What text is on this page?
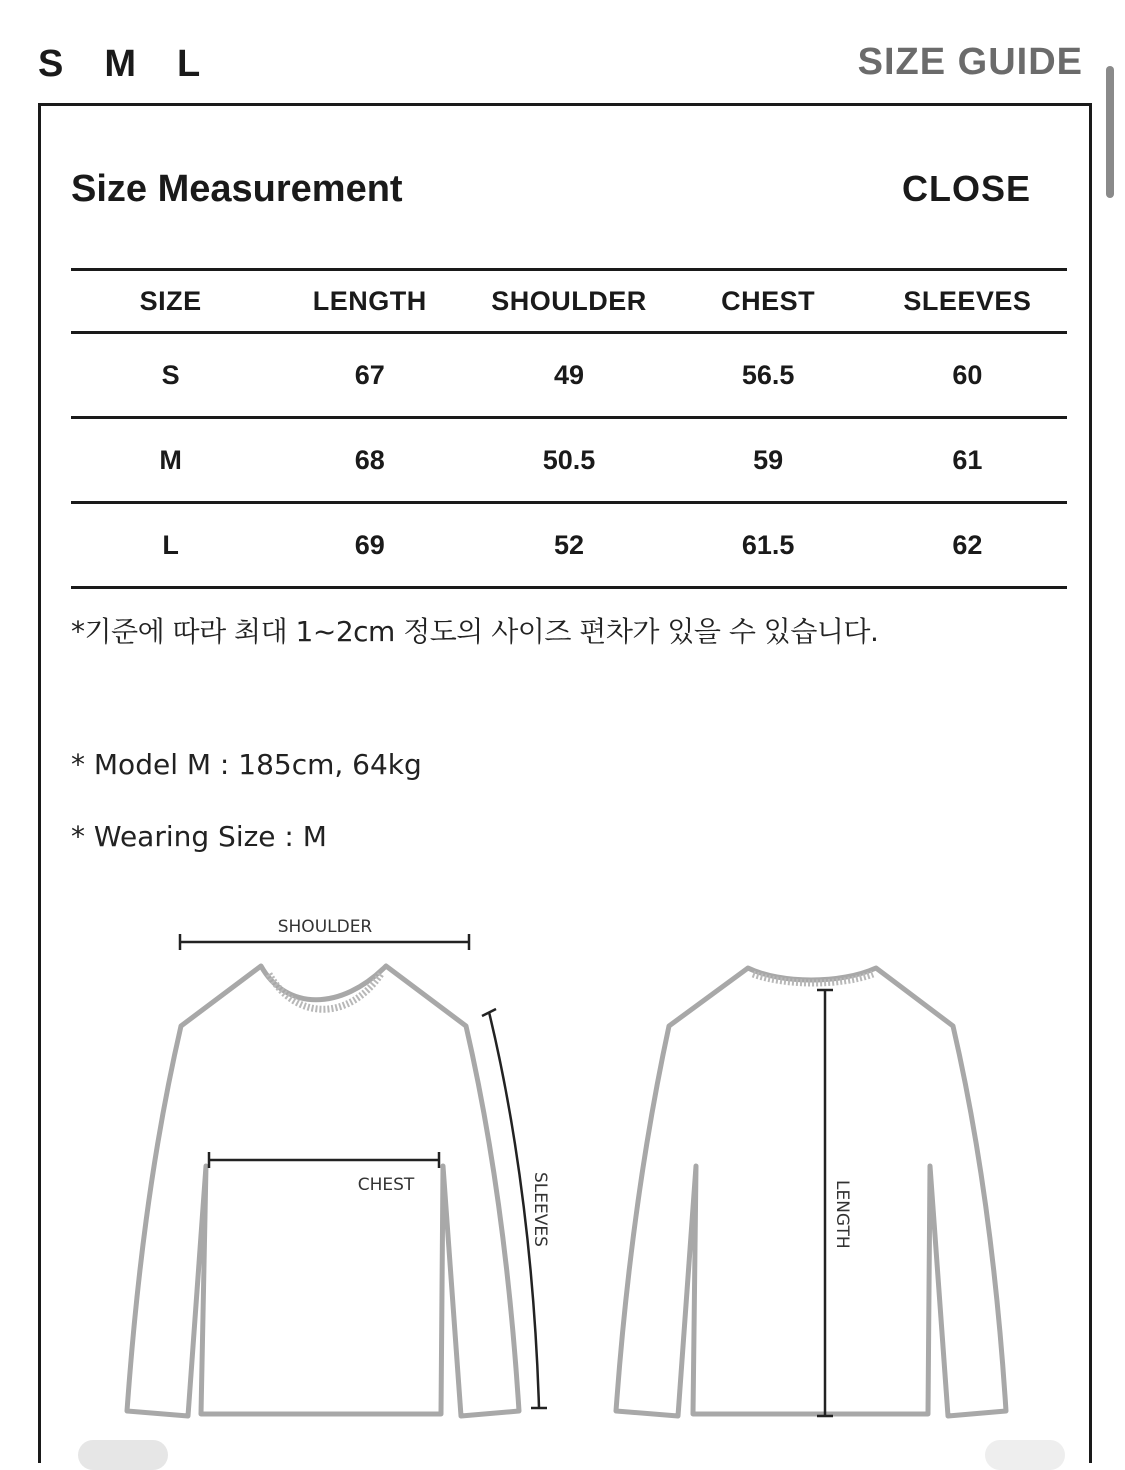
S M L	SIZE GUIDE
Size Measurement	CLOSE
SIZE	LENGTH	SHOULDER	CHEST	SLEEVES
S	67	49	56.5	60
M	68	50.5	59	61
L	69	52	61.5	62
*기준에 따라 최대 1~2cm 정도의 사이즈 편차가 있을 수 있습니다.
* Model M : 185cm, 64kg
* Wearing Size : M
SHOULDER
CHEST	SLEEVES	LENGTH
